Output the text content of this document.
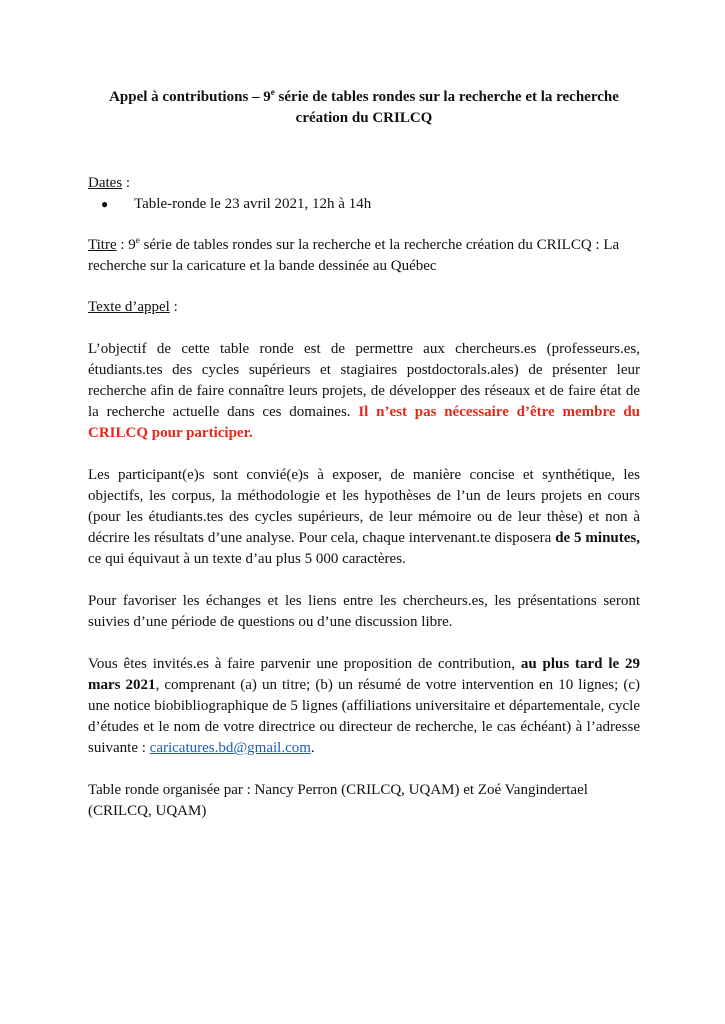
Appel à contributions – 9e série de tables rondes sur la recherche et la recherche
création du CRILCQ

Dates :

● Table-ronde le 23 avril 2021, 12h à 14h

Titre : 9e série de tables rondes sur la recherche et la recherche création du CRILCQ : La recherche sur la caricature et la bande dessinée au Québec

Texte d’appel :

L’objectif de cette table ronde est de permettre aux chercheurs.es (professeurs.es, étudiants.tes des cycles supérieurs et stagiaires postdoctorals.ales) de présenter leur recherche afin de faire connaître leurs projets, de développer des réseaux et de faire état de la recherche actuelle dans ces domaines. Il n’est pas nécessaire d’être membre du CRILCQ pour participer.

Les participant(e)s sont convié(e)s à exposer, de manière concise et synthétique, les objectifs, les corpus, la méthodologie et les hypothèses de l’un de leurs projets en cours (pour les étudiants.tes des cycles supérieurs, de leur mémoire ou de leur thèse) et non à décrire les résultats d’une analyse. Pour cela, chaque intervenant.te disposera de 5 minutes, ce qui équivaut à un texte d’au plus 5 000 caractères.

Pour favoriser les échanges et les liens entre les chercheurs.es, les présentations seront suivies d’une période de questions ou d’une discussion libre.

Vous êtes invités.es à faire parvenir une proposition de contribution, au plus tard le 29 mars 2021, comprenant (a) un titre; (b) un résumé de votre intervention en 10 lignes; (c) une notice biobibliographique de 5 lignes (affiliations universitaire et départementale, cycle d’études et le nom de votre directrice ou directeur de recherche, le cas échéant) à l’adresse suivante : caricatures.bd@gmail.com.

Table ronde organisée par : Nancy Perron (CRILCQ, UQAM) et Zoé Vangindertael
(CRILCQ, UQAM)
